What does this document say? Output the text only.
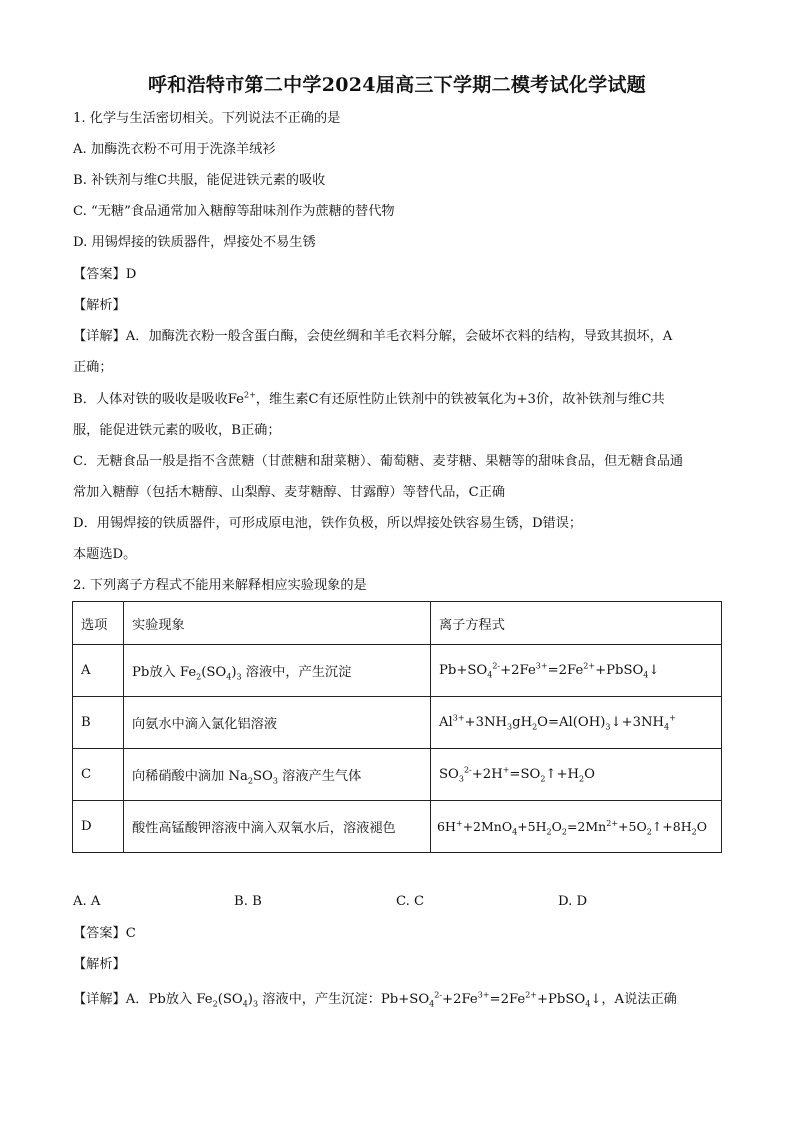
呼和浩特市第二中学2024届高三下学期二模考试化学试题
1. 化学与生活密切相关。下列说法不正确的是
A. 加酶洗衣粉不可用于洗涤羊绒衫
B. 补铁剂与维C共服，能促进铁元素的吸收
C. “无糖”食品通常加入糖醇等甜味剂作为蔗糖的替代物
D. 用锡焊接的铁质器件，焊接处不易生锈
【答案】D
【解析】
【详解】A．加酶洗衣粉一般含蛋白酶，会使丝绸和羊毛衣料分解，会破坏衣料的结构，导致其损坏，A
正确；
B．人体对铁的吸收是吸收$Fe^{2+}$，维生素C有还原性防止铁剂中的铁被氧化为+3价，故补铁剂与维C共
服，能促进铁元素的吸收，B正确；
C．无糖食品一般是指不含蔗糖（甘蔗糖和甜菜糖）、葡萄糖、麦芽糖、果糖等的甜味食品，但无糖食品通
常加入糖醇（包括木糖醇、山梨醇、麦芽糖醇、甘露醇）等替代品，C正确
D．用锡焊接的铁质器件，可形成原电池，铁作负极，所以焊接处铁容易生锈，D错误；
本题选D。
2. 下列离子方程式不能用来解释相应实验现象的是
选项	实验现象	离子方程式
A	Pb放入 $Fe_2(SO_4)_3$ 溶液中，产生沉淀	$Pb+SO_4^{2-}+2Fe^{3+}=2Fe^{2+}+PbSO_4↓$
B	向氨水中滴入氯化铝溶液	$Al^{3+}+3NH_3gH_2O=Al(OH)_3↓+3NH_4^+$
C	向稀硝酸中滴加 $Na_2SO_3$ 溶液产生气体	$SO_3^{2-}+2H^+=SO_2↑+H_2O$
D	酸性高锰酸钾溶液中滴入双氧水后，溶液褪色	$6H^++2MnO_4+5H_2O_2=2Mn^{2+}+5O_2↑+8H_2O$
A. A	B. B	C. C	D. D
【答案】C
【解析】
【详解】A．Pb放入 $Fe_2(SO_4)_3$ 溶液中，产生沉淀：$Pb+SO_4^{2-}+2Fe^{3+}=2Fe^{2+}+PbSO_4↓$，A说法正确
